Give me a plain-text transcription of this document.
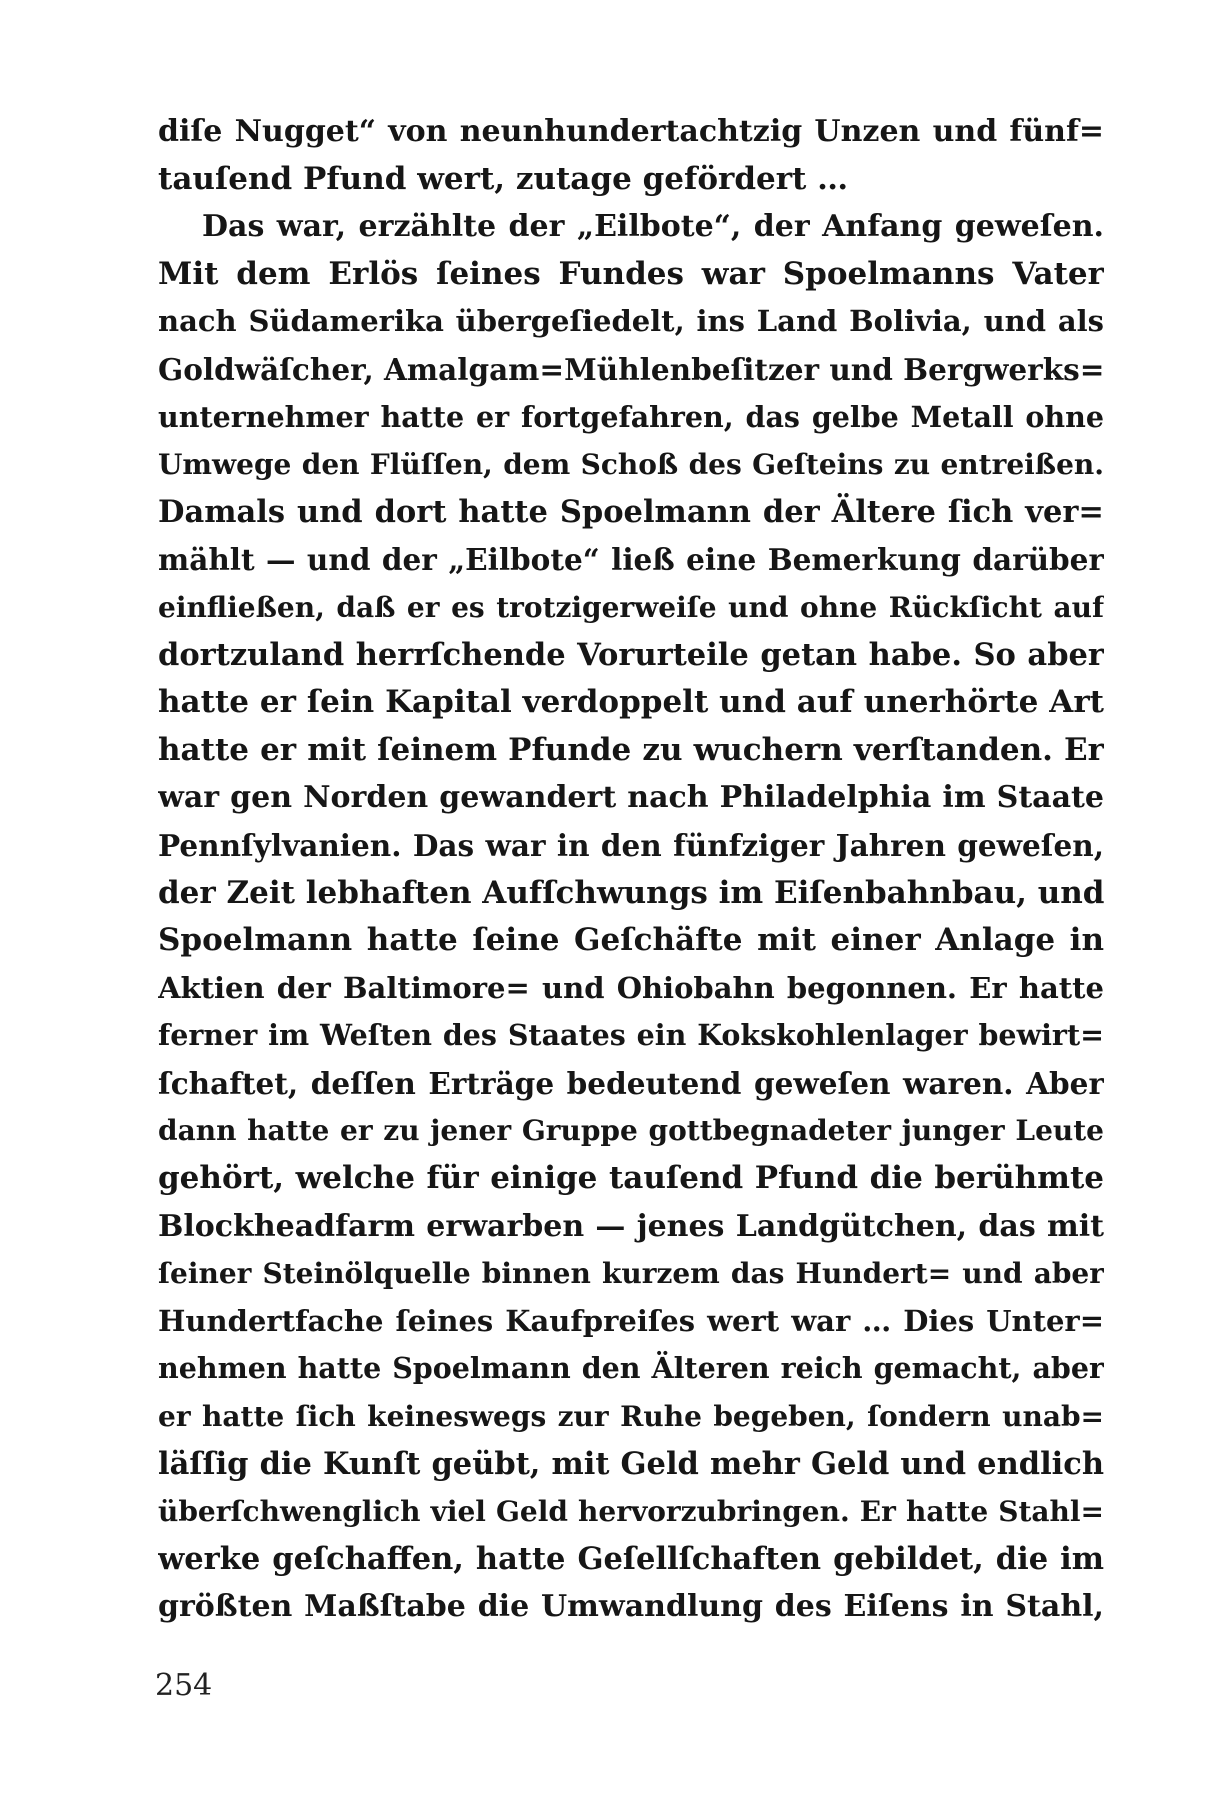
diſe Nugget“ von neunhundertachtzig Unzen und fünf=
tauſend Pfund wert, zutage gefördert …
Das war, erzählte der „Eilbote“, der Anfang geweſen.
Mit dem Erlös ſeines Fundes war Spoelmanns Vater
nach Südamerika übergeſiedelt, ins Land Bolivia, und als
Goldwäſcher, Amalgam=Mühlenbeſitzer und Bergwerks=
unternehmer hatte er fortgefahren, das gelbe Metall ohne
Umwege den Flüſſen, dem Schoß des Geſteins zu entreißen.
Damals und dort hatte Spoelmann der Ältere ſich ver=
mählt — und der „Eilbote“ ließ eine Bemerkung darüber
einfließen, daß er es trotzigerweiſe und ohne Rückſicht auf
dortzuland herrſchende Vorurteile getan habe. So aber
hatte er ſein Kapital verdoppelt und auf unerhörte Art
hatte er mit ſeinem Pfunde zu wuchern verſtanden. Er
war gen Norden gewandert nach Philadelphia im Staate
Pennſylvanien. Das war in den fünfziger Jahren geweſen,
der Zeit lebhaften Aufſchwungs im Eiſenbahnbau, und
Spoelmann hatte ſeine Geſchäfte mit einer Anlage in
Aktien der Baltimore= und Ohiobahn begonnen. Er hatte
ferner im Weſten des Staates ein Kokskohlenlager bewirt=
ſchaftet, deſſen Erträge bedeutend geweſen waren. Aber
dann hatte er zu jener Gruppe gottbegnadeter junger Leute
gehört, welche für einige tauſend Pfund die berühmte
Blockheadfarm erwarben — jenes Landgütchen, das mit
ſeiner Steinölquelle binnen kurzem das Hundert= und aber
Hundertfache ſeines Kaufpreiſes wert war … Dies Unter=
nehmen hatte Spoelmann den Älteren reich gemacht, aber
er hatte ſich keineswegs zur Ruhe begeben, ſondern unab=
läſſig die Kunſt geübt, mit Geld mehr Geld und endlich
überſchwenglich viel Geld hervorzubringen. Er hatte Stahl=
werke geſchaffen, hatte Geſellſchaften gebildet, die im
größten Maßſtabe die Umwandlung des Eiſens in Stahl,
254
